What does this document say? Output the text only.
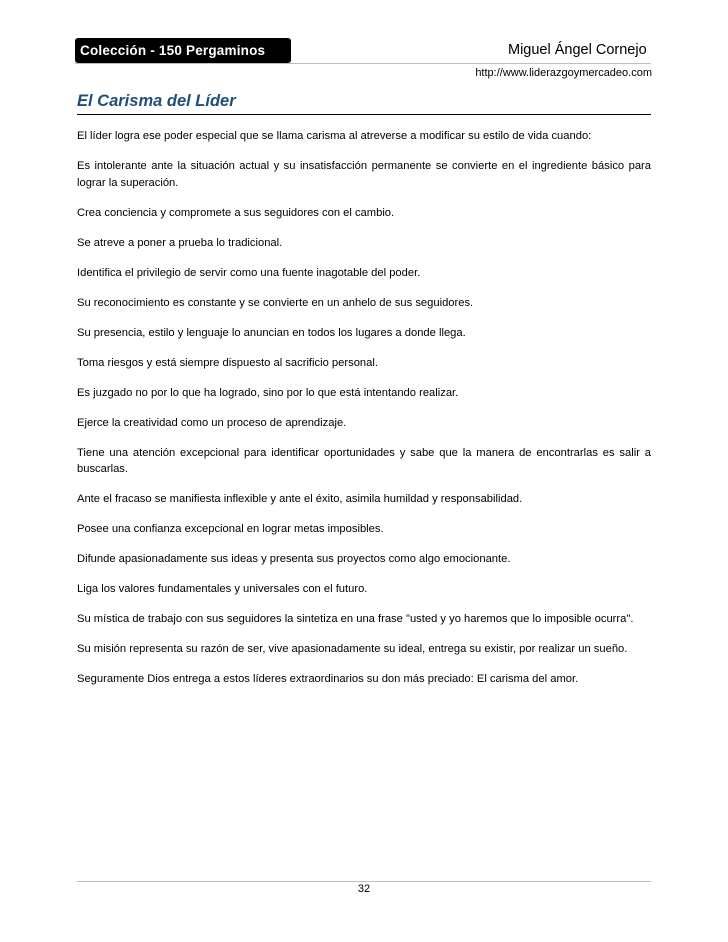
Colección - 150 Pergaminos	Miguel Ángel Cornejo
http://www.liderazgoymercadeo.com
El Carisma del Líder

El líder logra ese poder especial que se llama carisma al atreverse a modificar su estilo de vida cuando:

Es intolerante ante la situación actual y su insatisfacción permanente se convierte en el ingrediente básico para lograr la superación.

Crea conciencia y compromete a sus seguidores con el cambio.

Se atreve a poner a prueba lo tradicional.

Identifica el privilegio de servir como una fuente inagotable del poder.

Su reconocimiento es constante y se convierte en un anhelo de sus seguidores.

Su presencia, estilo y lenguaje lo anuncian en todos los lugares a donde llega.

Toma riesgos y está siempre dispuesto al sacrificio personal.

Es juzgado no por lo que ha logrado, sino por lo que está intentando realizar.

Ejerce la creatividad como un proceso de aprendizaje.

Tiene una atención excepcional para identificar oportunidades y sabe que la manera de encontrarlas es salir a buscarlas.

Ante el fracaso se manifiesta inflexible y ante el éxito, asimila humildad y responsabilidad.

Posee una confianza excepcional en lograr metas imposibles.

Difunde apasionadamente sus ideas y presenta sus proyectos como algo emocionante.

Liga los valores fundamentales y universales con el futuro.

Su mística de trabajo con sus seguidores la sintetiza en una frase "usted y yo haremos que lo imposible ocurra".

Su misión representa su razón de ser, vive apasionadamente su ideal, entrega su existir, por realizar un sueño.

Seguramente Dios entrega a estos líderes extraordinarios su don más preciado: El carisma del amor.

32
